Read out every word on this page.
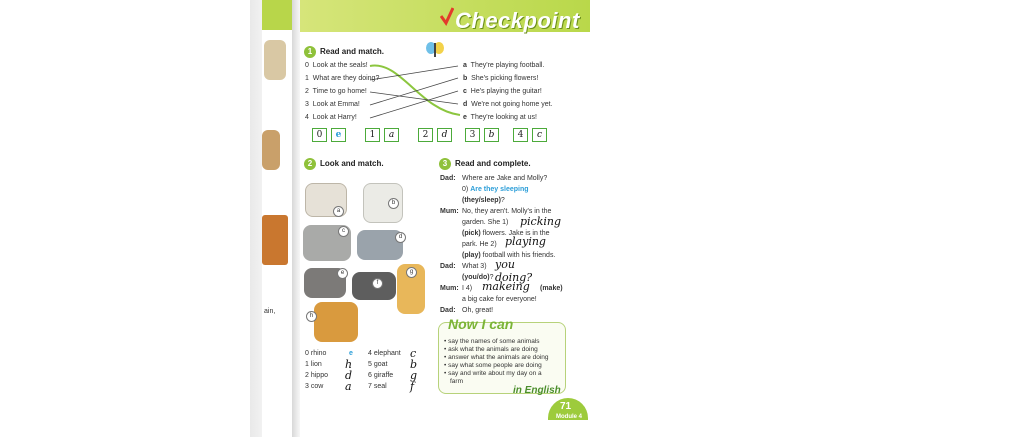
ain,
Checkpoint
1 Read and match.
0 Look at the seals!
1 What are they doing?
2 Time to go home!
3 Look at Emma!
4 Look at Harry!
a They're playing football.
b She's picking flowers!
c He's playing the guitar!
d We're not going home yet.
e They're looking at us!
0	e	1	a	2	d	3	b	4	c
2 Look and match.
a
b
c
d
e
f
g
h
0 rhino	e
1 lion h
2 hippo d
3 cow a
4 elephant c
5 goat b
6 giraffe g
7 seal f
3 Read and complete.
Dad: Where are Jake and Molly?
0) Are they sleeping
(they/sleep)?
Mum: No, they aren't. Molly's in the
garden. She 1) picking
(pick) flowers. Jake is in the
park. He 2) playing
(play) football with his friends.
Dad: What 3) you doing?
(you/do)?
Mum: I 4) makeing (make)
a big cake for everyone!
Dad: Oh, great!
Now I can
• say the names of some animals
• ask what the animals are doing
• answer what the animals are doing
• say what some people are doing
• say and write about my day on a
farm
in English
71
Module 4
